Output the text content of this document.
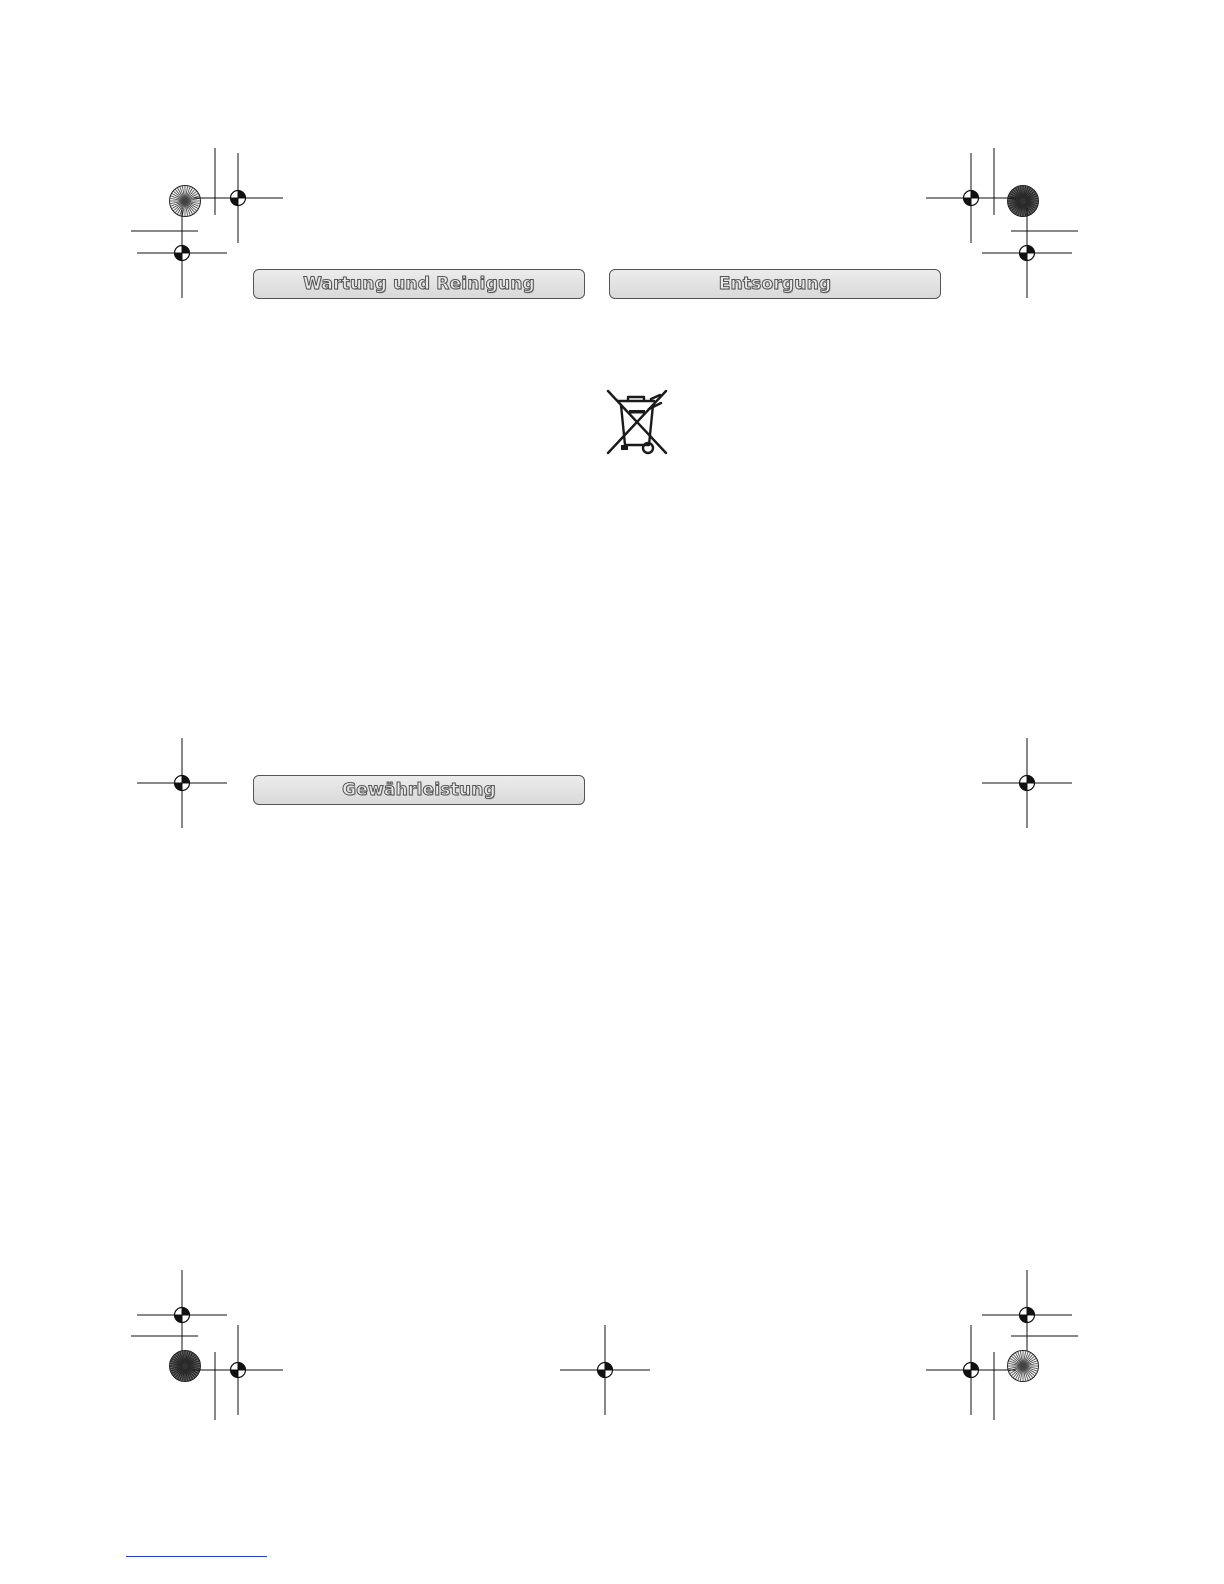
Wartung und Reinigung	Entsorgung
Gewährleistung
